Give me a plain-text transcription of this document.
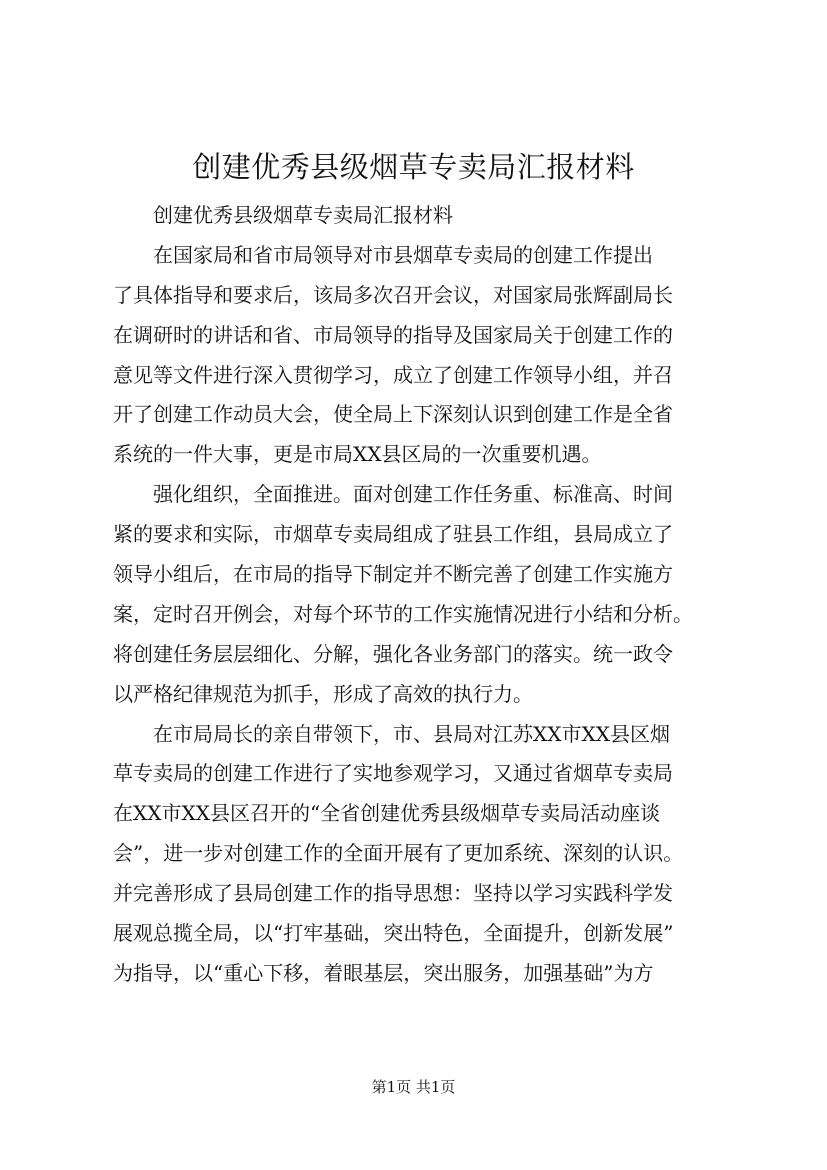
创建优秀县级烟草专卖局汇报材料
　　创建优秀县级烟草专卖局汇报材料
　　在国家局和省市局领导对市县烟草专卖局的创建工作提出
了具体指导和要求后，该局多次召开会议，对国家局张辉副局长
在调研时的讲话和省、市局领导的指导及国家局关于创建工作的
意见等文件进行深入贯彻学习，成立了创建工作领导小组，并召
开了创建工作动员大会，使全局上下深刻认识到创建工作是全省
系统的一件大事，更是市局XX县区局的一次重要机遇。
　　强化组织，全面推进。面对创建工作任务重、标准高、时间
紧的要求和实际，市烟草专卖局组成了驻县工作组，县局成立了
领导小组后，在市局的指导下制定并不断完善了创建工作实施方
案，定时召开例会，对每个环节的工作实施情况进行小结和分析。
将创建任务层层细化、分解，强化各业务部门的落实。统一政令
以严格纪律规范为抓手，形成了高效的执行力。
　　在市局局长的亲自带领下，市、县局对江苏XX市XX县区烟
草专卖局的创建工作进行了实地参观学习，又通过省烟草专卖局
在XX市XX县区召开的“全省创建优秀县级烟草专卖局活动座谈
会”，进一步对创建工作的全面开展有了更加系统、深刻的认识。
并完善形成了县局创建工作的指导思想：坚持以学习实践科学发
展观总揽全局，以“打牢基础，突出特色，全面提升，创新发展”
为指导，以“重心下移，着眼基层，突出服务，加强基础”为方
第1页 共1页
